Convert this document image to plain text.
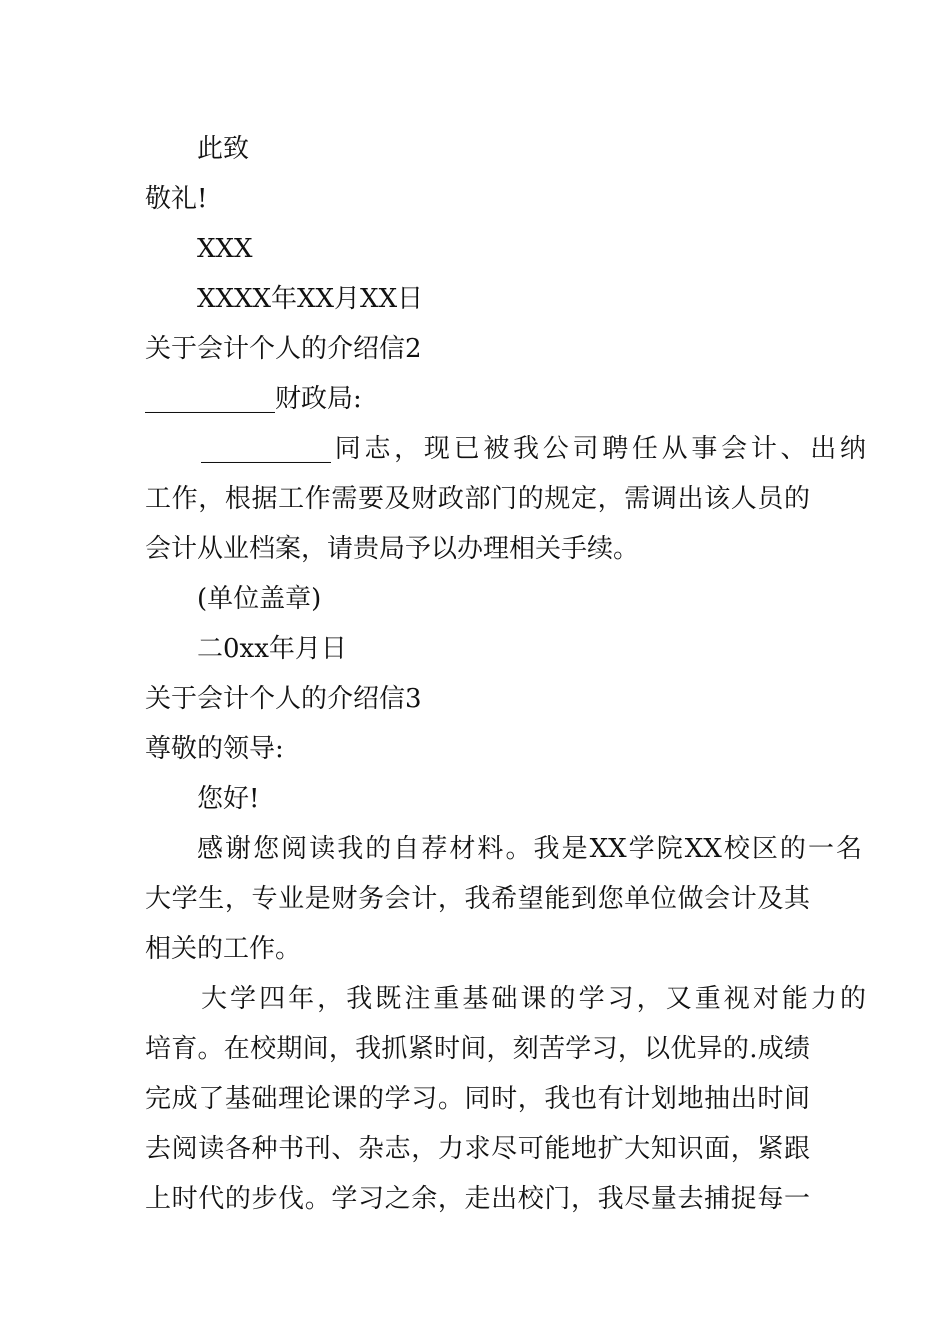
此致
敬礼!
XXX
XXXX年XX月XX日
关于会计个人的介绍信2
__________财政局:
__________同志，现已被我公司聘任从事会计、出纳
工作，根据工作需要及财政部门的规定，需调出该人员的
会计从业档案，请贵局予以办理相关手续。
(单位盖章)
二0xx年月日
关于会计个人的介绍信3
尊敬的领导:
您好!
感谢您阅读我的自荐材料。我是XX学院XX校区的一名
大学生，专业是财务会计，我希望能到您单位做会计及其
相关的工作。
大学四年，我既注重基础课的学习，又重视对能力的
培育。在校期间，我抓紧时间，刻苦学习，以优异的.成绩
完成了基础理论课的学习。同时，我也有计划地抽出时间
去阅读各种书刊、杂志，力求尽可能地扩大知识面，紧跟
上时代的步伐。学习之余，走出校门，我尽量去捕捉每一
